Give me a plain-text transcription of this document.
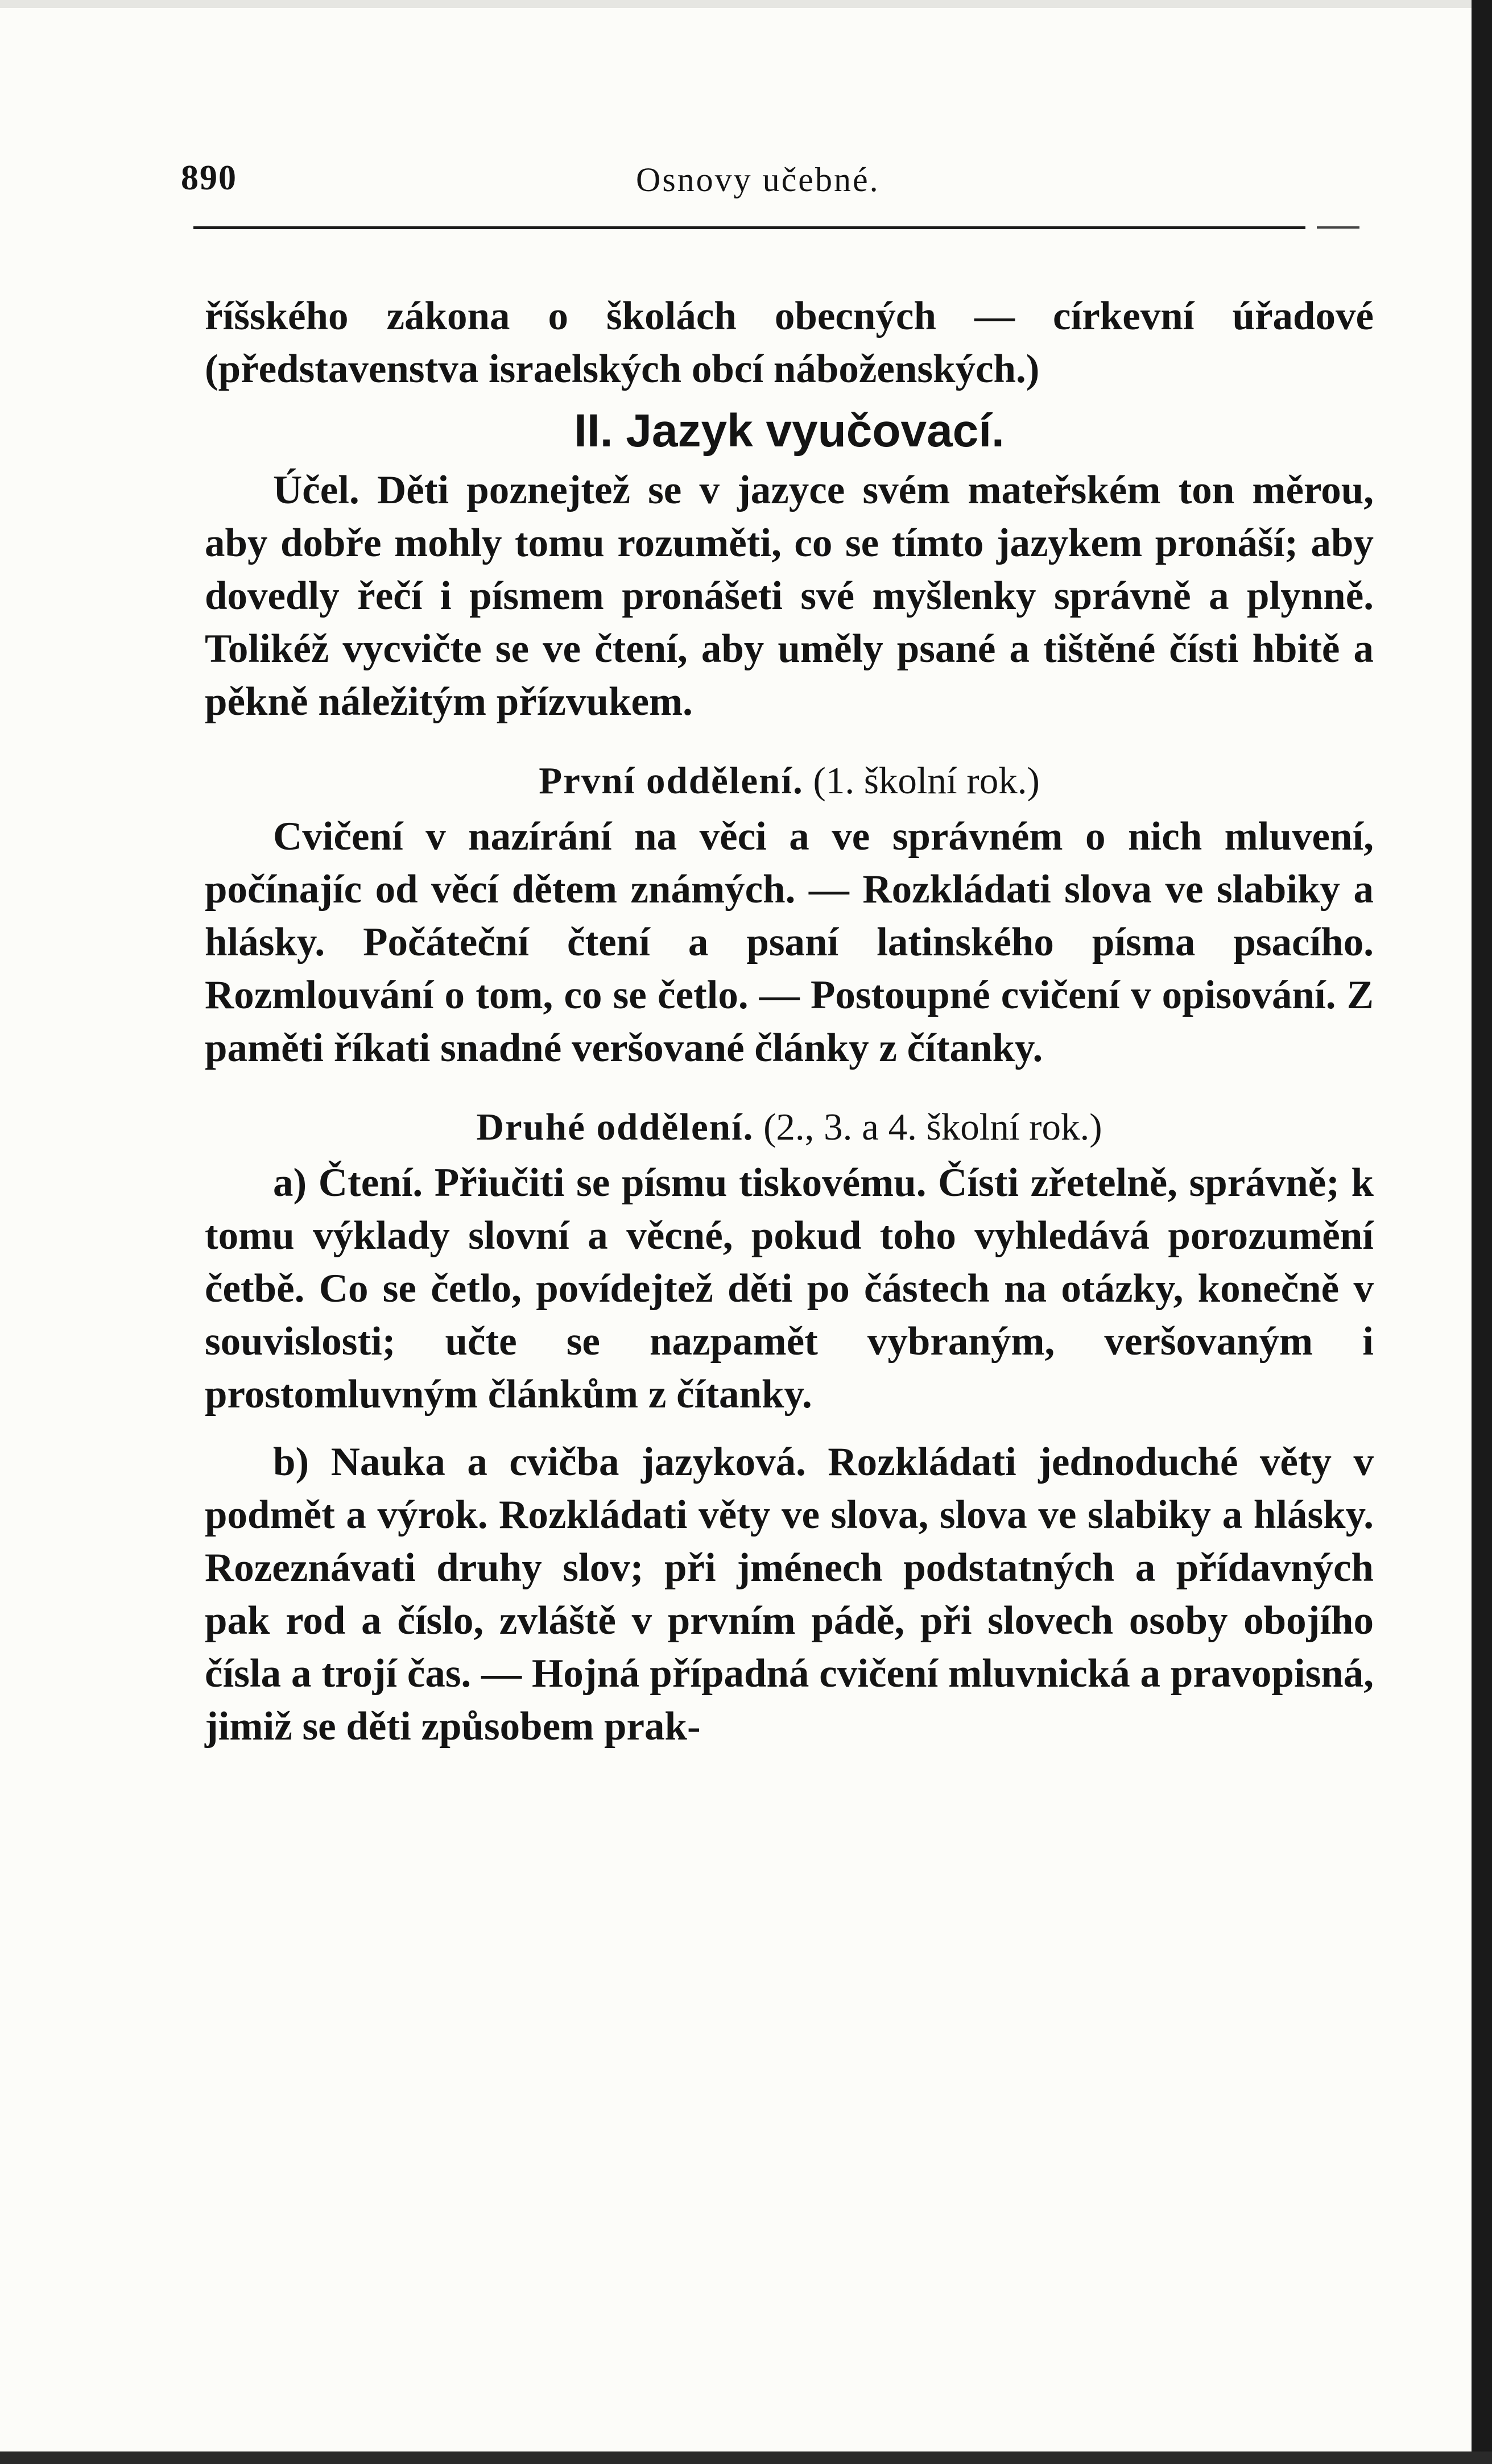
890	Osnovy učebné.

říšského zákona o školách obecných — církevní úřadové (představenstva israelských obcí náboženských.)

II. Jazyk vyučovací.

Účel. Děti poznejtež se v jazyce svém mateřském ton měrou, aby dobře mohly tomu rozuměti, co se tímto jazykem pronáší; aby dovedly řečí i písmem pronášeti své myšlenky správně a plynně. Tolikéž vycvičte se ve čtení, aby uměly psané a tištěné čísti hbitě a pěkně náležitým přízvukem.

První oddělení. (1. školní rok.)

Cvičení v nazírání na věci a ve správném o nich mluvení, počínajíc od věcí dětem známých. — Rozkládati slova ve slabiky a hlásky. Počáteční čtení a psaní latinského písma psacího. Rozmlouvání o tom, co se četlo. — Postoupné cvičení v opisování. Z paměti říkati snadné veršované články z čítanky.

Druhé oddělení. (2., 3. a 4. školní rok.)

a) Čtení. Přiučiti se písmu tiskovému. Čísti zřetelně, správně; k tomu výklady slovní a věcné, pokud toho vyhledává porozumění četbě. Co se četlo, povídejtež děti po částech na otázky, konečně v souvislosti; učte se nazpamět vybraným, veršovaným i prostomluvným článkům z čítanky.

b) Nauka a cvičba jazyková. Rozkládati jednoduché věty v podmět a výrok. Rozkládati věty ve slova, slova ve slabiky a hlásky. Rozeznávati druhy slov; při jménech podstatných a přídavných pak rod a číslo, zvláště v prvním pádě, při slovech osoby obojího čísla a trojí čas. — Hojná případná cvičení mluvnická a pravopisná, jimiž se děti způsobem prak-
